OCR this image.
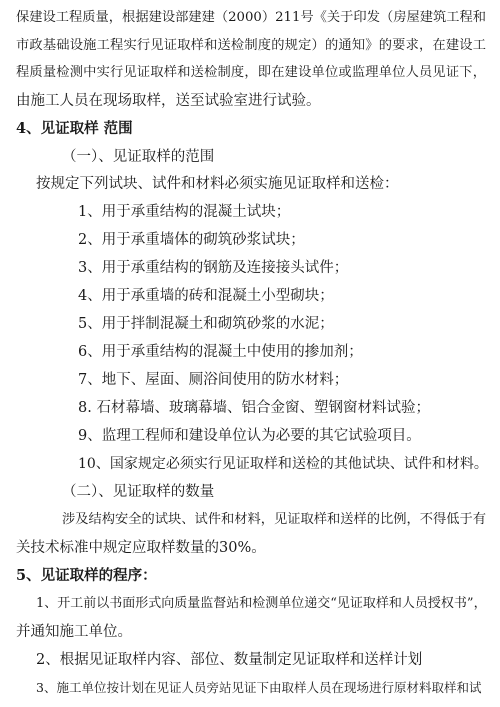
保建设工程质量，根据建设部建建（2000）211号《关于印发（房屋建筑工程和
市政基础设施工程实行见证取样和送检制度的规定）的通知》的要求，在建设工
程质量检测中实行见证取样和送检制度，即在建设单位或监理单位人员见证下，
由施工人员在现场取样，送至试验室进行试验。
4、见证取样 范围
（一）、见证取样的范围
按规定下列试块、试件和材料必须实施见证取样和送检：
1、用于承重结构的混凝土试块；
2、用于承重墙体的砌筑砂浆试块；
3、用于承重结构的钢筋及连接接头试件；
4、用于承重墙的砖和混凝土小型砌块；
5、用于拌制混凝土和砌筑砂浆的水泥；
6、用于承重结构的混凝土中使用的掺加剂；
7、地下、屋面、厕浴间使用的防水材料；
8. 石材幕墙、玻璃幕墙、铝合金窗、塑钢窗材料试验；
9、监理工程师和建设单位认为必要的其它试验项目。
10、国家规定必须实行见证取样和送检的其他试块、试件和材料。
（二）、见证取样的数量
涉及结构安全的试块、试件和材料，见证取样和送样的比例，不得低于有
关技术标准中规定应取样数量的30%。
5、见证取样的程序：
1、开工前以书面形式向质量监督站和检测单位递交“见证取样和人员授权书”，
并通知施工单位。
2、根据见证取样内容、部位、数量制定见证取样和送样计划
3、施工单位按计划在见证人员旁站见证下由取样人员在现场进行原材料取样和试
